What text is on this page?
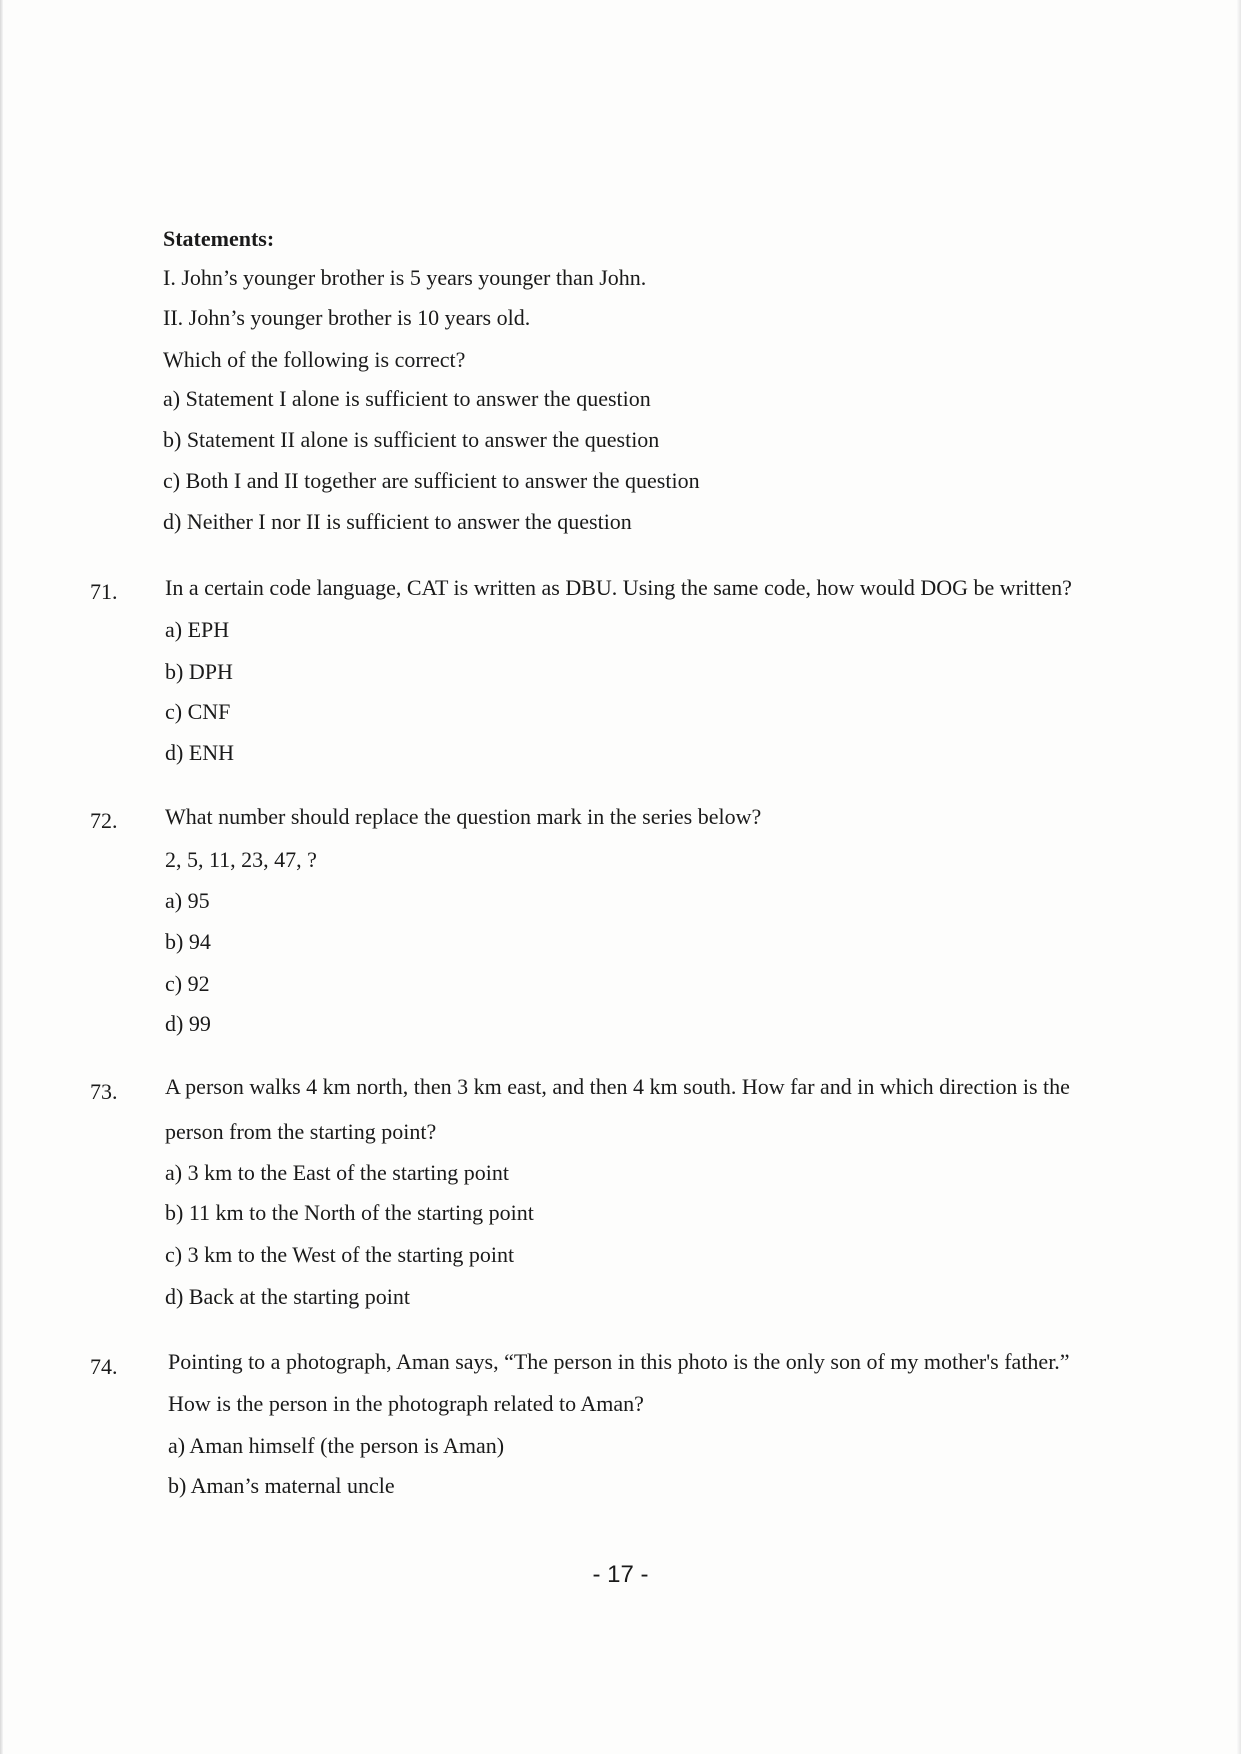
Statements:
I. John’s younger brother is 5 years younger than John.
II. John’s younger brother is 10 years old.
Which of the following is correct?
a) Statement I alone is sufficient to answer the question
b) Statement II alone is sufficient to answer the question
c) Both I and II together are sufficient to answer the question
d) Neither I nor II is sufficient to answer the question
71. In a certain code language, CAT is written as DBU. Using the same code, how would DOG be written?
a) EPH
b) DPH
c) CNF
d) ENH
72. What number should replace the question mark in the series below?
2, 5, 11, 23, 47, ?
a) 95
b) 94
c) 92
d) 99
73. A person walks 4 km north, then 3 km east, and then 4 km south. How far and in which direction is the
person from the starting point?
a) 3 km to the East of the starting point
b) 11 km to the North of the starting point
c) 3 km to the West of the starting point
d) Back at the starting point
74. Pointing to a photograph, Aman says, “The person in this photo is the only son of my mother's father.”
How is the person in the photograph related to Aman?
a) Aman himself (the person is Aman)
b) Aman’s maternal uncle
- 17 -
